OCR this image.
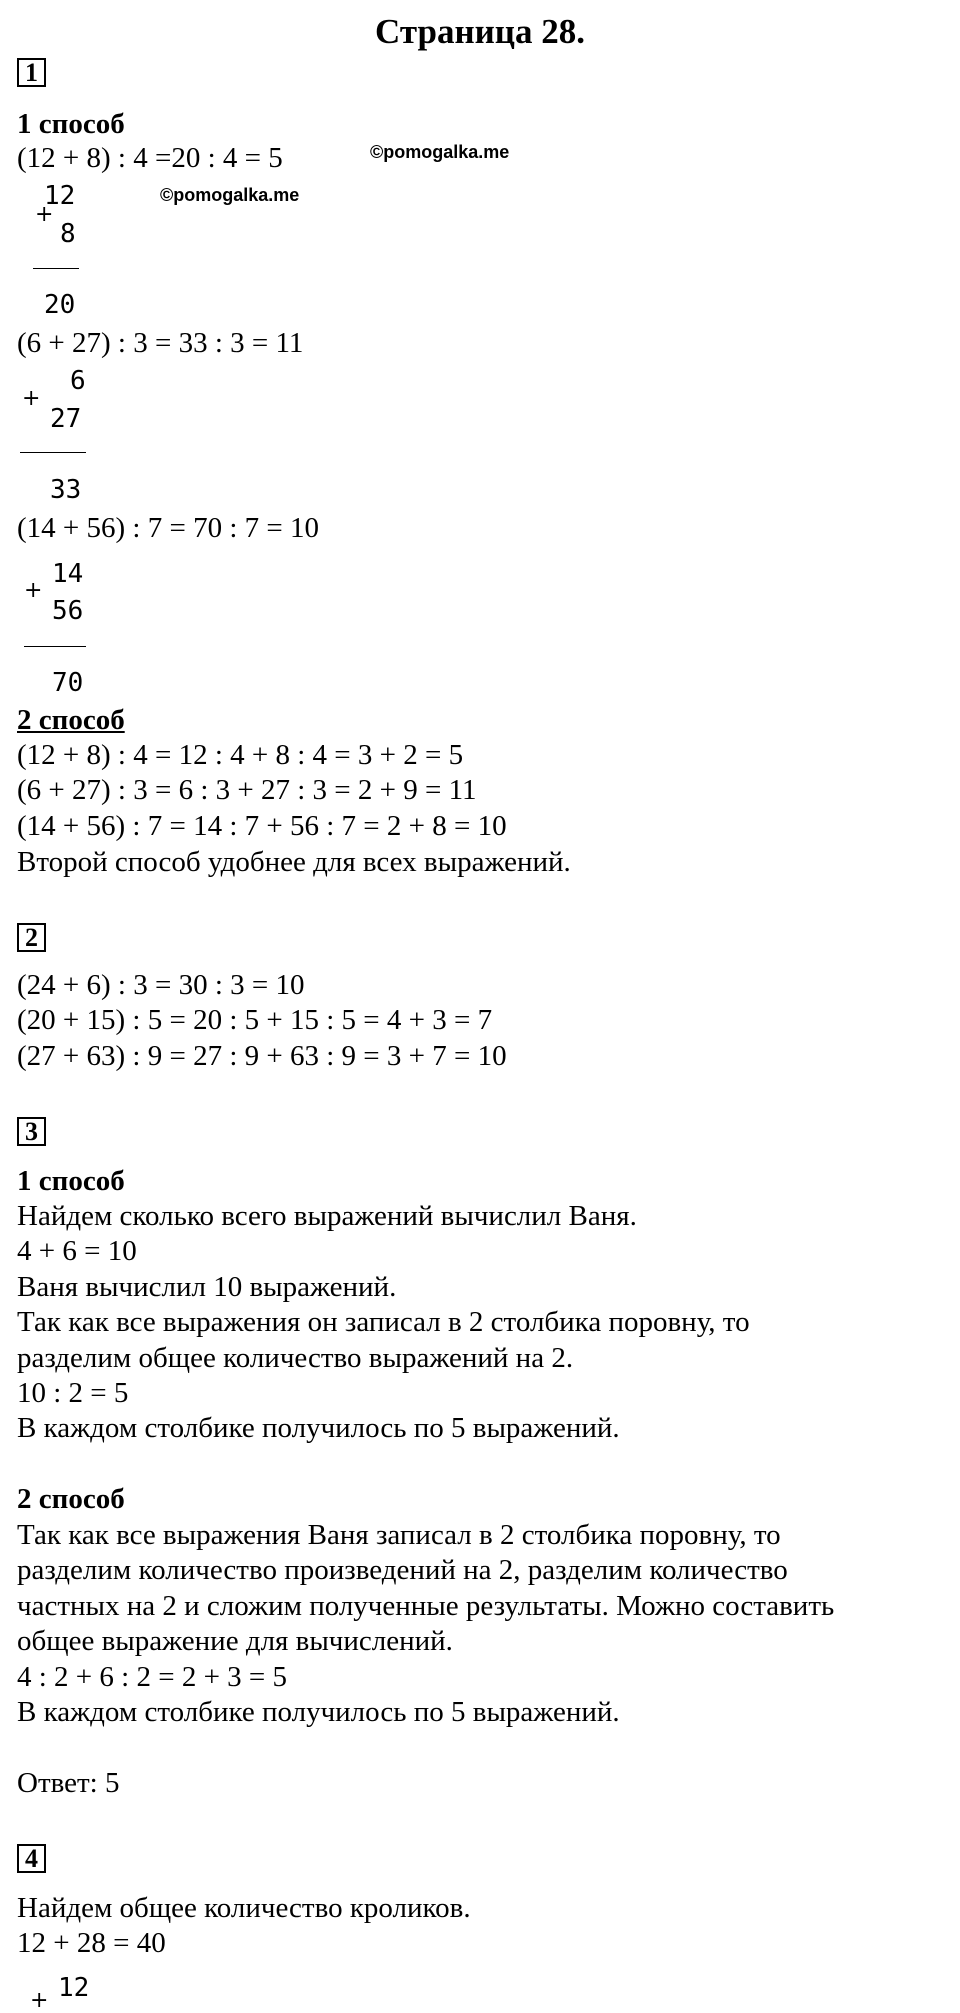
Страница 28.
1
1 способ
(12 + 8) : 4 =20 : 4 = 5	©pomogalka.me
12
+
8
©pomogalka.me
20
(6 + 27) : 3 = 33 : 3 = 11
6
+
27
33
(14 + 56) : 7 = 70 : 7 = 10
14
+
56
70
2 способ
(12 + 8) : 4 = 12 : 4 + 8 : 4 = 3 + 2 = 5
(6 + 27) : 3 = 6 : 3 + 27 : 3 = 2 + 9 = 11
(14 + 56) : 7 = 14 : 7 + 56 : 7 = 2 + 8 = 10
Второй способ удобнее для всех выражений.
2
(24 + 6) : 3 = 30 : 3 = 10
(20 + 15) : 5 = 20 : 5 + 15 : 5 = 4 + 3 = 7
(27 + 63) : 9 = 27 : 9 + 63 : 9 = 3 + 7 = 10
3
1 способ
Найдем сколько всего выражений вычислил Ваня.
4 + 6 = 10
Ваня вычислил 10 выражений.
Так как все выражения он записал в 2 столбика поровну, то
разделим общее количество выражений на 2.
10 : 2 = 5
В каждом столбике получилось по 5 выражений.
2 способ
Так как все выражения Ваня записал в 2 столбика поровну, то
разделим количество произведений на 2, разделим количество
частных на 2 и сложим полученные результаты. Можно составить
общее выражение для вычислений.
4 : 2 + 6 : 2 = 2 + 3 = 5
В каждом столбике получилось по 5 выражений.
Ответ: 5
4
Найдем общее количество кроликов.
12 + 28 = 40
12
+
